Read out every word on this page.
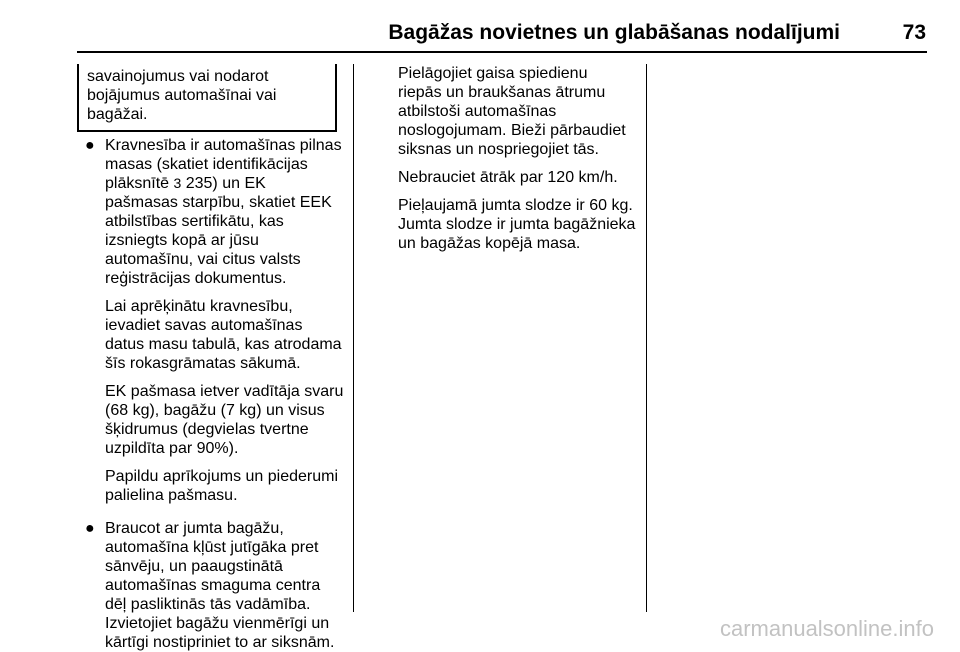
Bagāžas novietnes un glabāšanas nodalījumi	73
savainojumus vai nodarot
bojājumus automašīnai vai
bagāžai.
● Kravnesība ir automašīnas pilnas
masas (skatiet identifikācijas
plāksnītē 3 235) un EK
pašmasas starpību, skatiet EEK
atbilstības sertifikātu, kas
izsniegts kopā ar jūsu
automašīnu, vai citus valsts
reģistrācijas dokumentus.
Lai aprēķinātu kravnesību,
ievadiet savas automašīnas
datus masu tabulā, kas atrodama
šīs rokasgrāmatas sākumā.
EK pašmasa ietver vadītāja svaru
(68 kg), bagāžu (7 kg) un visus
šķidrumus (degvielas tvertne
uzpildīta par 90%).
Papildu aprīkojums un piederumi
palielina pašmasu.
● Braucot ar jumta bagāžu,
automašīna kļūst jutīgāka pret
sānvēju, un paaugstinātā
automašīnas smaguma centra
dēļ pasliktinās tās vadāmība.
Izvietojiet bagāžu vienmērīgi un
kārtīgi nostipriniet to ar siksnām.
Pielāgojiet gaisa spiedienu
riepās un braukšanas ātrumu
atbilstoši automašīnas
noslogojumam. Bieži pārbaudiet
siksnas un nospriegojiet tās.
Nebrauciet ātrāk par 120 km/h.
Pieļaujamā jumta slodze ir 60 kg.
Jumta slodze ir jumta bagāžnieka
un bagāžas kopējā masa.
carmanualsonline.info
